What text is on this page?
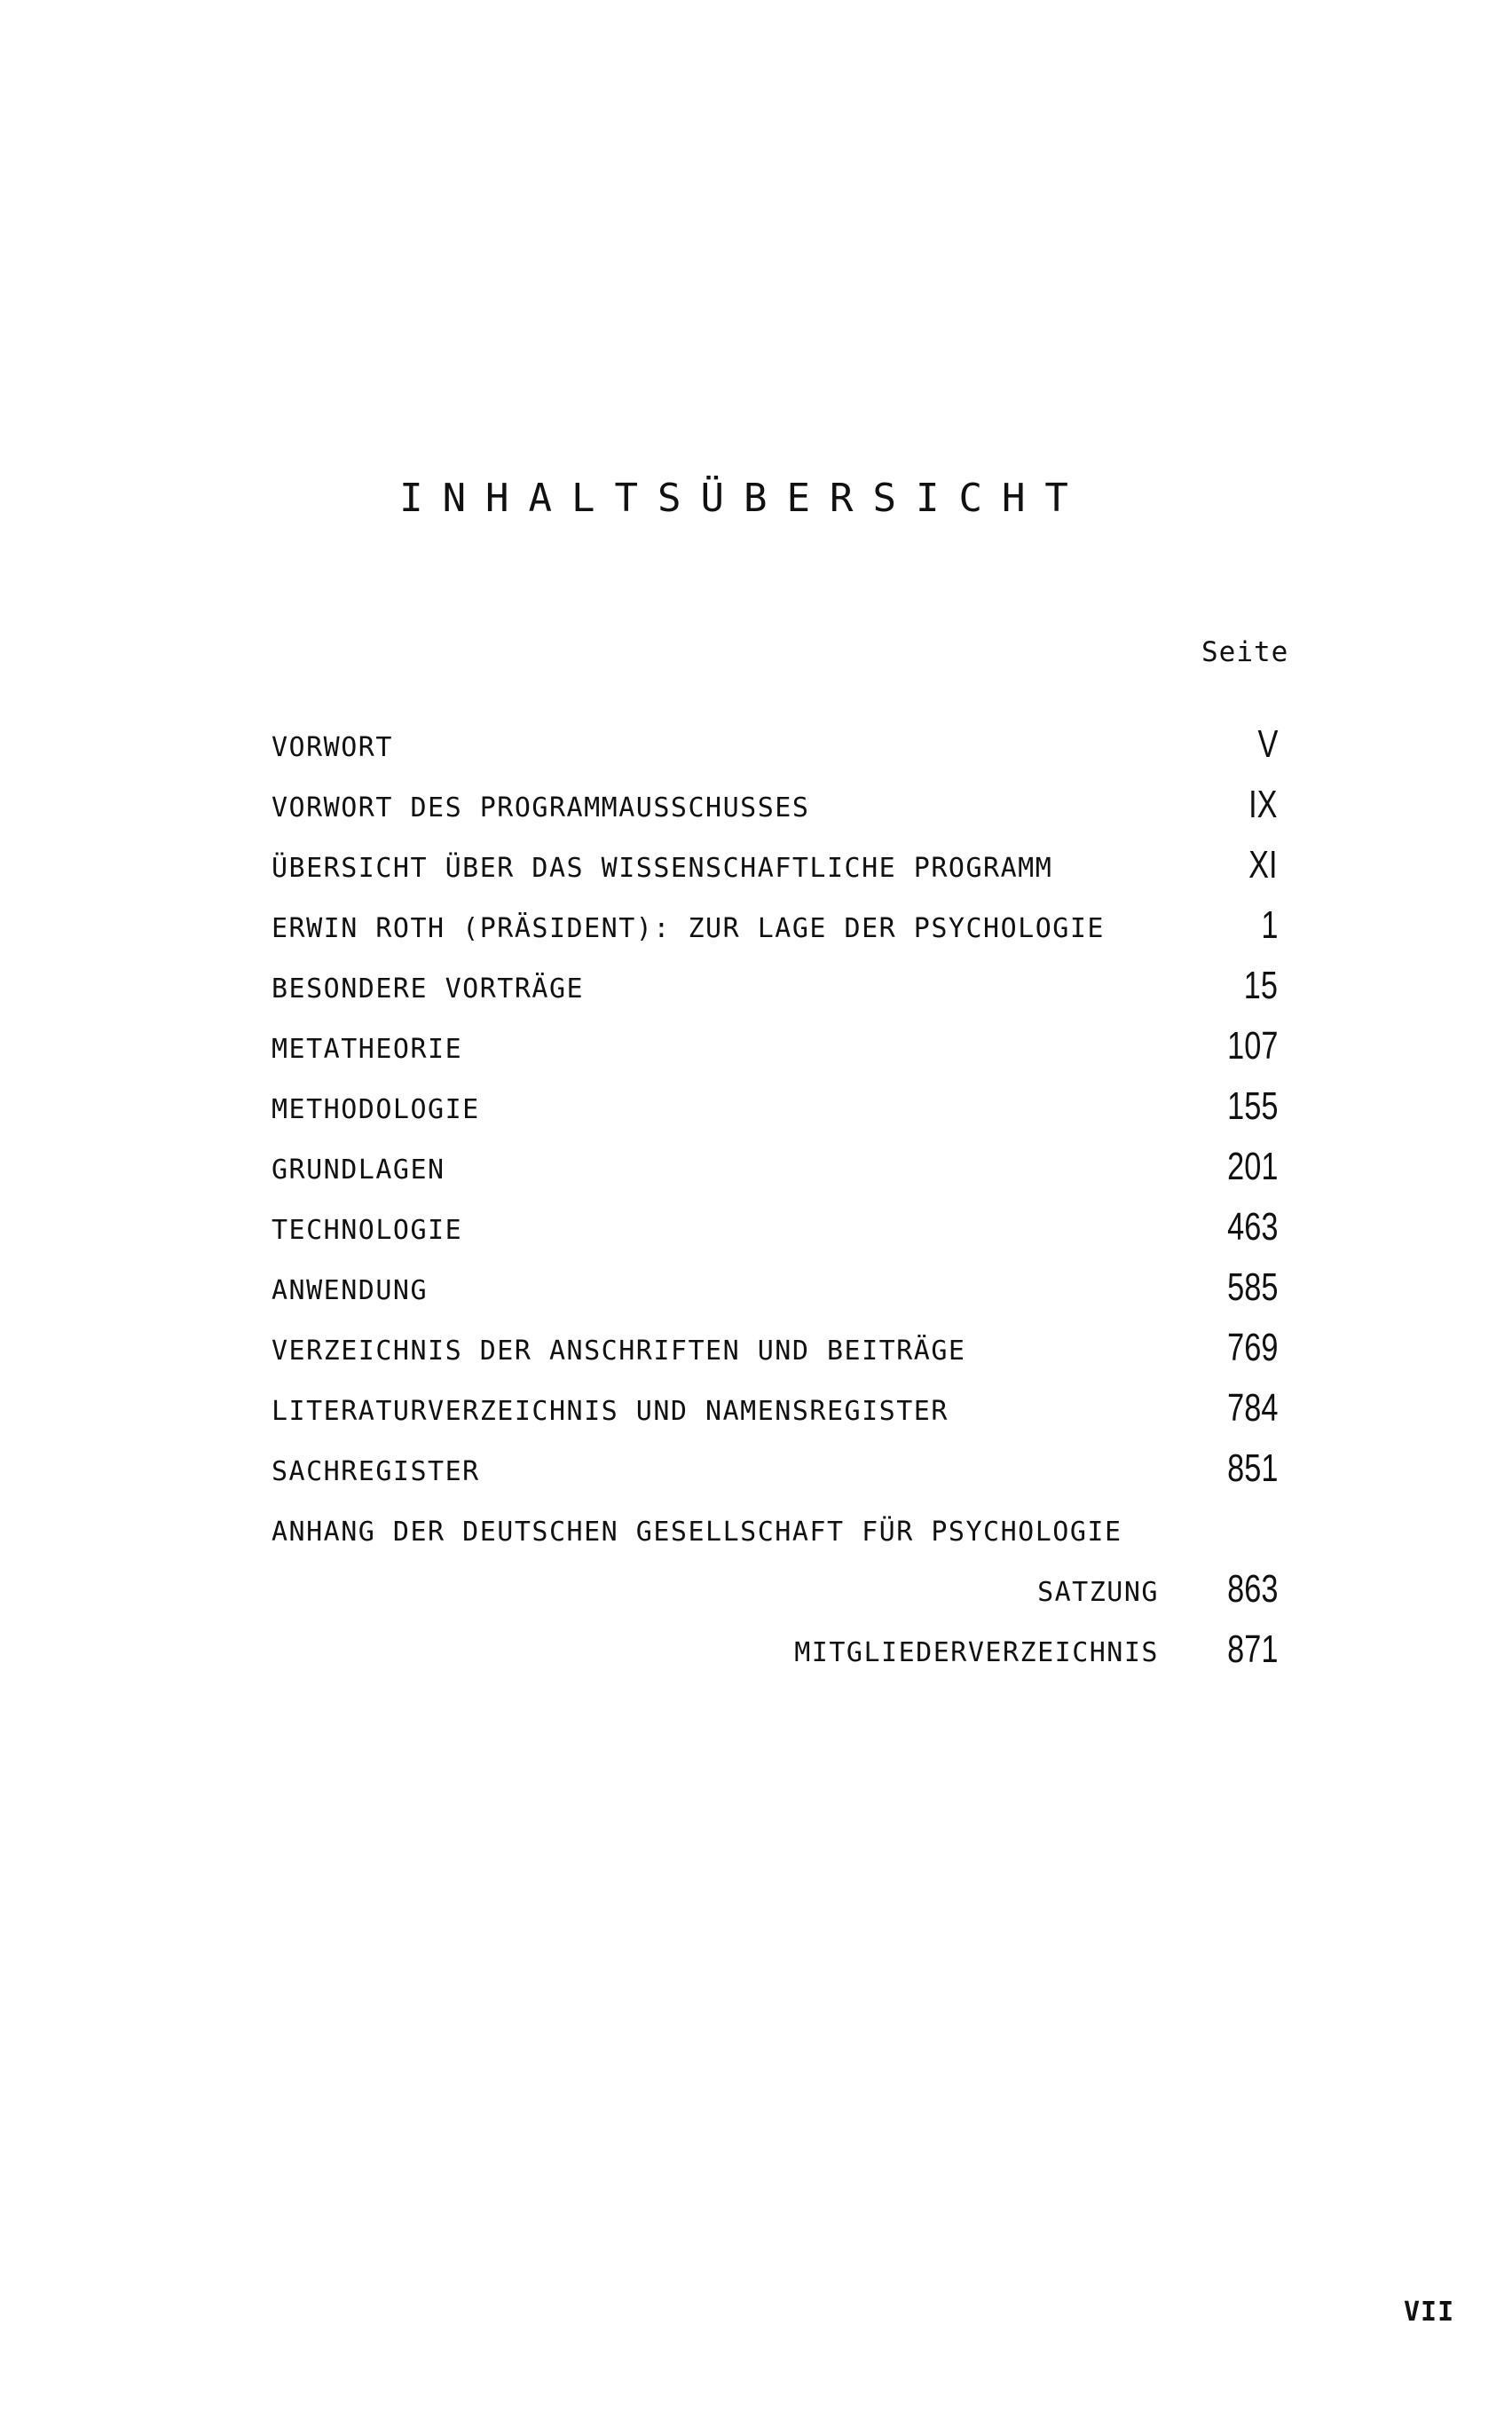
INHALTSÜBERSICHT
Seite
VORWORT	V
VORWORT DES PROGRAMMAUSSCHUSSES	IX
ÜBERSICHT ÜBER DAS WISSENSCHAFTLICHE PROGRAMM	XI
ERWIN ROTH (PRÄSIDENT): ZUR LAGE DER PSYCHOLOGIE	1
BESONDERE VORTRÄGE	15
METATHEORIE	107
METHODOLOGIE	155
GRUNDLAGEN	201
TECHNOLOGIE	463
ANWENDUNG	585
VERZEICHNIS DER ANSCHRIFTEN UND BEITRÄGE	769
LITERATURVERZEICHNIS UND NAMENSREGISTER	784
SACHREGISTER	851
ANHANG DER DEUTSCHEN GESELLSCHAFT FÜR PSYCHOLOGIE
SATZUNG 863
MITGLIEDERVERZEICHNIS 871
VII
